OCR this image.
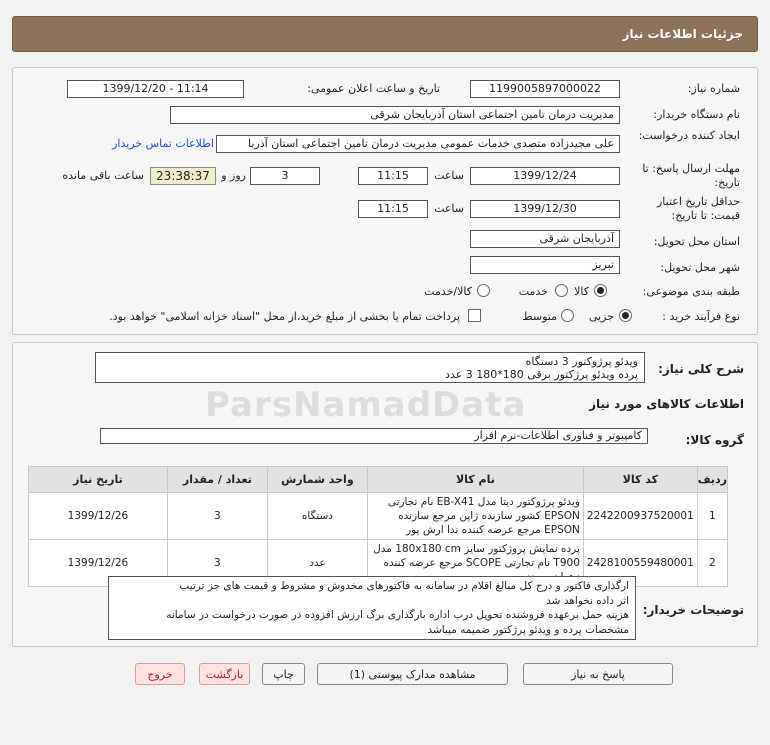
جزئیات اطلاعات نیاز
شماره نیاز:
1199005897000022
تاریخ و ساعت اعلان عمومی:
1399/12/20 - 11:14
نام دستگاه خریدار:
مدیریت درمان تامین اجتماعی استان آذربایجان شرقی
ایجاد کننده درخواست:
علی مجیدزاده متصدی خدمات عمومی مدیریت درمان تامین اجتماعی استان آذربا
اطلاعات تماس خریدار
مهلت ارسال پاسخ: تا تاریخ:
1399/12/24
ساعت
11:15
3
روز و
23:38:37
ساعت باقی مانده
حداقل تاریخ اعتبار قیمت: تا تاریخ:
1399/12/30
ساعت
11:15
استان محل تحویل:
آذربایجان شرقی
شهر محل تحویل:
تبریز
طبقه بندی موضوعی:
کالا
خدمت
کالا/خدمت
نوع فرآیند خرید :
جزیی
متوسط
پرداخت تمام یا بخشی از مبلغ خرید،از محل "اسناد خزانه اسلامی" خواهد بود.
ParsNamadData
شرح کلی نیاز:
ویدئو پرژوکتور 3 دستگاه
پرده ویدئو پرژکتور برقی 180*180 3 عدد
اطلاعات کالاهای مورد نیاز
گروه کالا:
کامپیوتر و فناوری اطلاعات-نرم افزار
ردیف	کد کالا	نام کالا	واحد شمارش	تعداد / مقدار	تاریخ نیاز
1	2242200937520001	ویدئو پرژوکتور دیتا مدل EB-X41 نام تجارتی EPSON کشور سازنده ژاپن مرجع سازنده EPSON مرجع عرضه کننده ندا ارش پور	دستگاه	3	1399/12/26
2	2428100559480001	پرده نمایش پروژکتور سایز 180x180 cm مدل T900 نام تجارتی SCOPE مرجع عرضه کننده	عدد	3	1399/12/26
توضیحات خریدار:
ارگذاری فاکتور و درج کل مبالغ اقلام در سامانه به فاکتورهای مخدوش و مشروط و قیمت های جز ترتیب
اثر داده نخواهد شد
هزینه حمل برعهده فروشنده تحویل درب اداره بارگذاری برگ ارزش افزوده در صورت درخواست در سامانه
مشخصات پرده و ویدئو پرژکتور ضمیمه میباشد
پاسخ به نیاز
مشاهده مدارک پیوستی (1)
چاپ
بازگشت
خروج
